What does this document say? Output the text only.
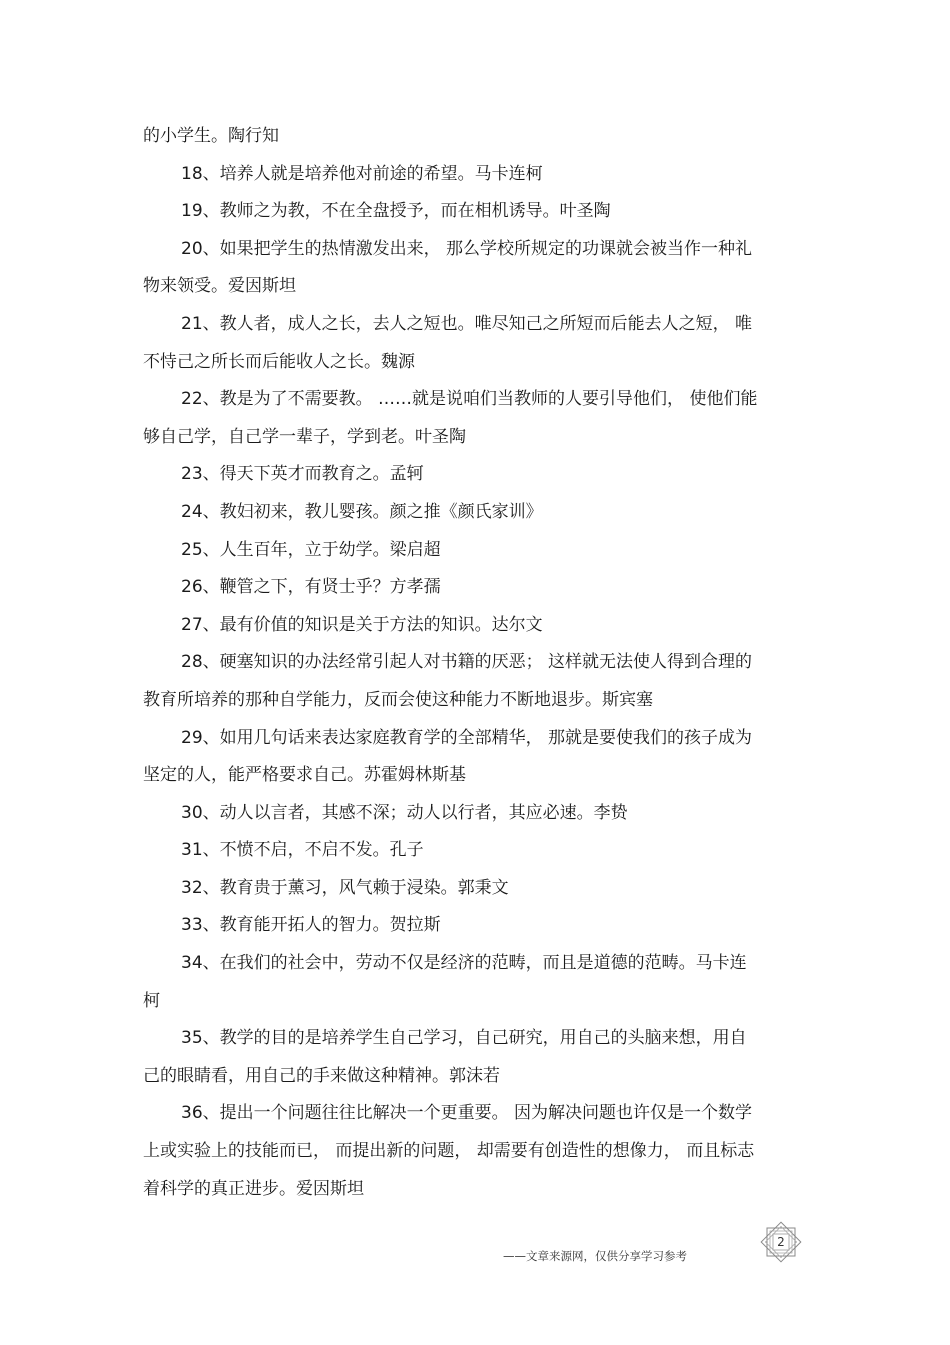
的小学生。陶行知
18、培养人就是培养他对前途的希望。马卡连柯
19、教师之为教，不在全盘授予，而在相机诱导。叶圣陶
20、如果把学生的热情激发出来， 那么学校所规定的功课就会被当作一种礼
物来领受。爱因斯坦
21、教人者，成人之长，去人之短也。唯尽知己之所短而后能去人之短， 唯
不恃己之所长而后能收人之长。魏源
22、教是为了不需要教。 ……就是说咱们当教师的人要引导他们， 使他们能
够自己学，自己学一辈子，学到老。叶圣陶
23、得天下英才而教育之。孟轲
24、教妇初来，教儿婴孩。颜之推《颜氏家训》
25、人生百年，立于幼学。梁启超
26、鞭管之下，有贤士乎？方孝孺
27、最有价值的知识是关于方法的知识。达尔文
28、硬塞知识的办法经常引起人对书籍的厌恶； 这样就无法使人得到合理的
教育所培养的那种自学能力，反而会使这种能力不断地退步。斯宾塞
29、如用几句话来表达家庭教育学的全部精华， 那就是要使我们的孩子成为
坚定的人，能严格要求自己。苏霍姆林斯基
30、动人以言者，其感不深；动人以行者，其应必速。李贽
31、不愤不启，不启不发。孔子
32、教育贵于薰习，风气赖于浸染。郭秉文
33、教育能开拓人的智力。贺拉斯
34、在我们的社会中，劳动不仅是经济的范畴，而且是道德的范畴。马卡连
柯
35、教学的目的是培养学生自己学习，自己研究，用自己的头脑来想，用自
己的眼睛看，用自己的手来做这种精神。郭沫若
36、提出一个问题往往比解决一个更重要。 因为解决问题也许仅是一个数学
上或实验上的技能而已， 而提出新的问题， 却需要有创造性的想像力， 而且标志
着科学的真正进步。爱因斯坦
——文章来源网，仅供分享学习参考
2
